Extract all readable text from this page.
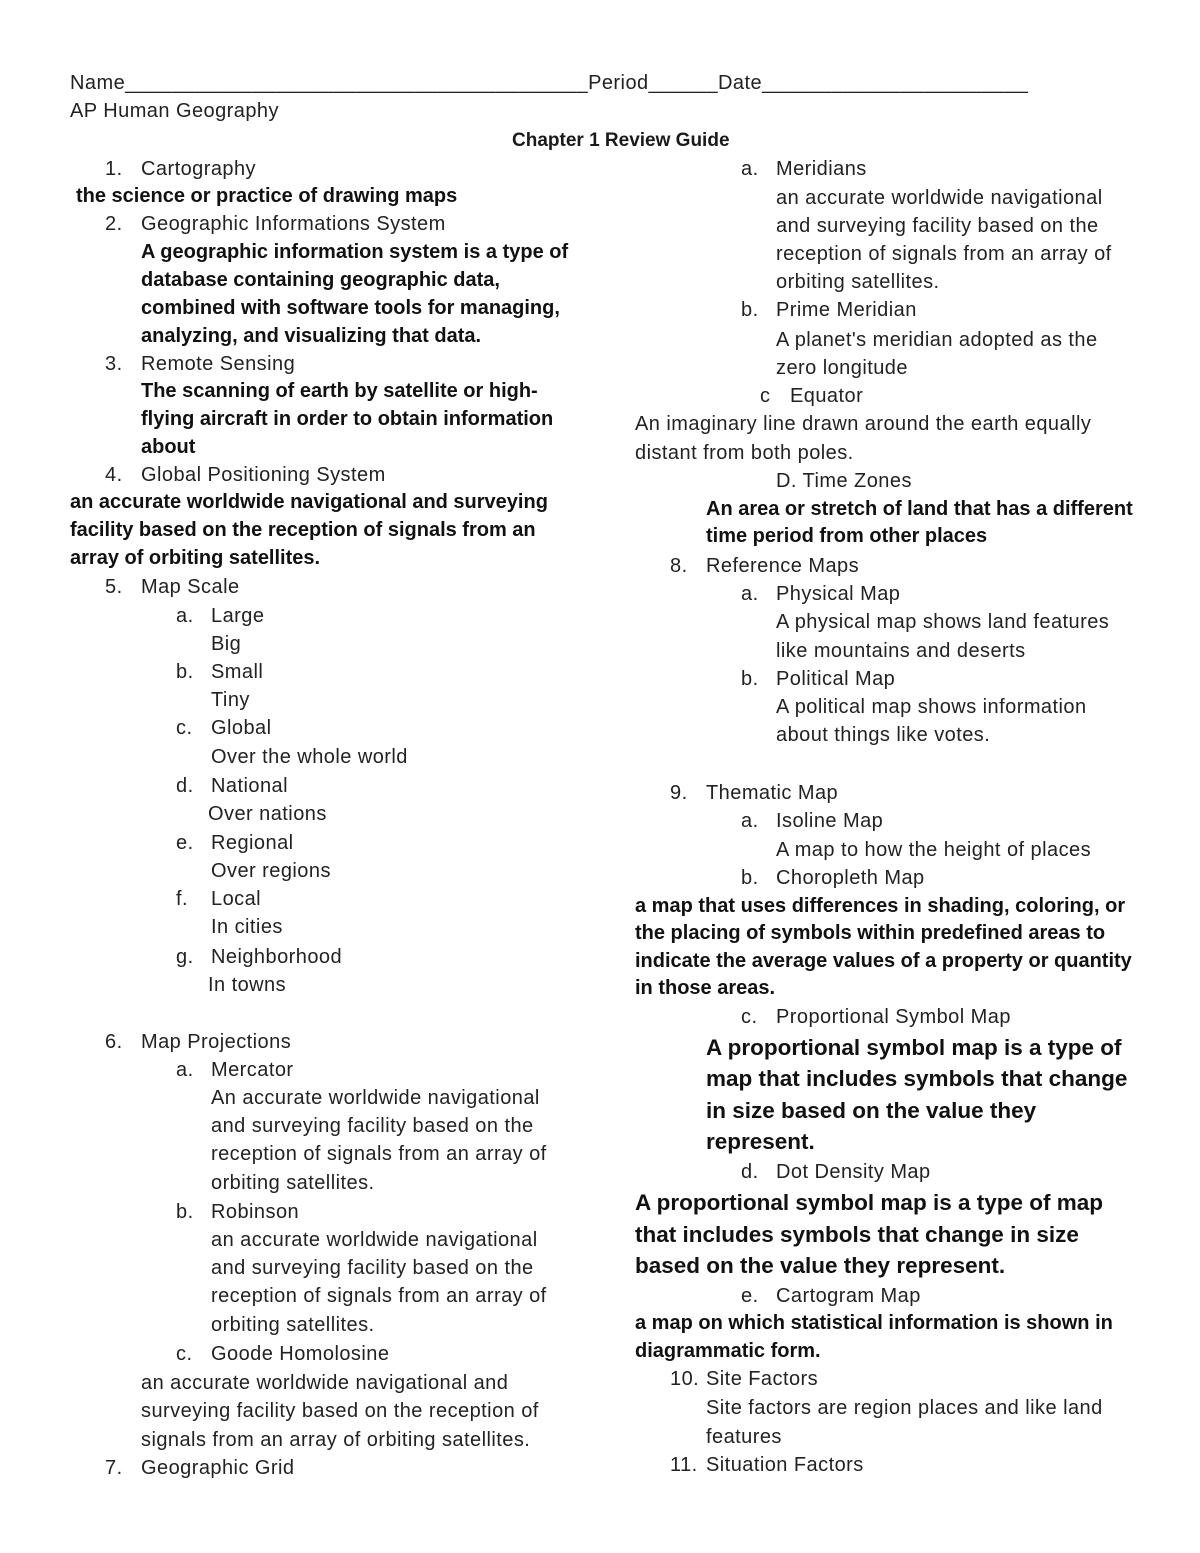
Name________________________________________Period______Date_______________________
AP Human Geography
Chapter 1 Review Guide
1. Cartography
the science or practice of drawing maps
2. Geographic Informations System
A geographic information system is a type of
database containing geographic data,
combined with software tools for managing,
analyzing, and visualizing that data.
3. Remote Sensing
The scanning of earth by satellite or high-
flying aircraft in order to obtain information
about
4. Global Positioning System
an accurate worldwide navigational and surveying
facility based on the reception of signals from an
array of orbiting satellites.
5. Map Scale
a. Large
Big
b. Small
Tiny
c. Global
Over the whole world
d. National
Over nations
e. Regional
Over regions
f. Local
In cities
g. Neighborhood
In towns
6. Map Projections
a. Mercator
An accurate worldwide navigational
and surveying facility based on the
reception of signals from an array of
orbiting satellites.
b. Robinson
an accurate worldwide navigational
and surveying facility based on the
reception of signals from an array of
orbiting satellites.
c. Goode Homolosine
an accurate worldwide navigational and
surveying facility based on the reception of
signals from an array of orbiting satellites.
7. Geographic Grid
a. Meridians
an accurate worldwide navigational
and surveying facility based on the
reception of signals from an array of
orbiting satellites.
b. Prime Meridian
A planet's meridian adopted as the
zero longitude
c Equator
An imaginary line drawn around the earth equally
distant from both poles.
D. Time Zones
An area or stretch of land that has a different
time period from other places
8. Reference Maps
a. Physical Map
A physical map shows land features
like mountains and deserts
b. Political Map
A political map shows information
about things like votes.
9. Thematic Map
a. Isoline Map
A map to how the height of places
b. Choropleth Map
a map that uses differences in shading, coloring, or
the placing of symbols within predefined areas to
indicate the average values of a property or quantity
in those areas.
c. Proportional Symbol Map
A proportional symbol map is a type of
map that includes symbols that change
in size based on the value they
represent.
d. Dot Density Map
A proportional symbol map is a type of map
that includes symbols that change in size
based on the value they represent.
e. Cartogram Map
a map on which statistical information is shown in
diagrammatic form.
10. Site Factors
Site factors are region places and like land
features
11. Situation Factors
